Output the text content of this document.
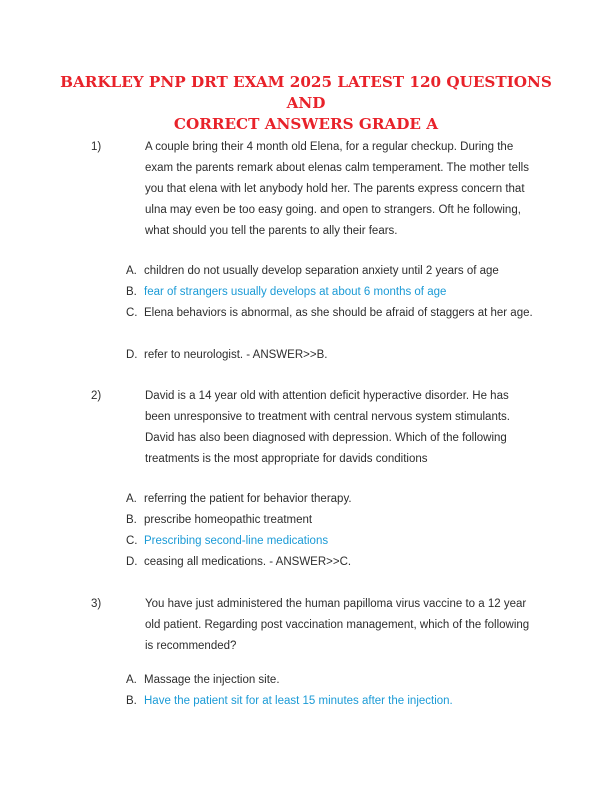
BARKLEY PNP DRT EXAM 2025 LATEST 120 QUESTIONS AND
CORRECT ANSWERS GRADE A
1)	A couple bring their 4 month old Elena, for a regular checkup. During the exam the parents remark about elenas calm temperament. The mother tells you that elena with let anybody hold her. The parents express concern that ulna may even be too easy going. and open to strangers. Oft he following, what should you tell the parents to ally their fears.
A. children do not usually develop separation anxiety until 2 years of age
B. fear of strangers usually develops at about 6 months of age
C. Elena behaviors is abnormal, as she should be afraid of staggers at her age.
D. refer to neurologist. - ANSWER>>B.
2)	David is a 14 year old with attention deficit hyperactive disorder. He has been unresponsive to treatment with central nervous system stimulants. David has also been diagnosed with depression. Which of the following treatments is the most appropriate for davids conditions
A. referring the patient for behavior therapy.
B. prescribe homeopathic treatment
C. Prescribing second-line medications
D. ceasing all medications. - ANSWER>>C.
3)	You have just administered the human papilloma virus vaccine to a 12 year old patient. Regarding post vaccination management, which of the following is recommended?
A. Massage the injection site.
B. Have the patient sit for at least 15 minutes after the injection.
